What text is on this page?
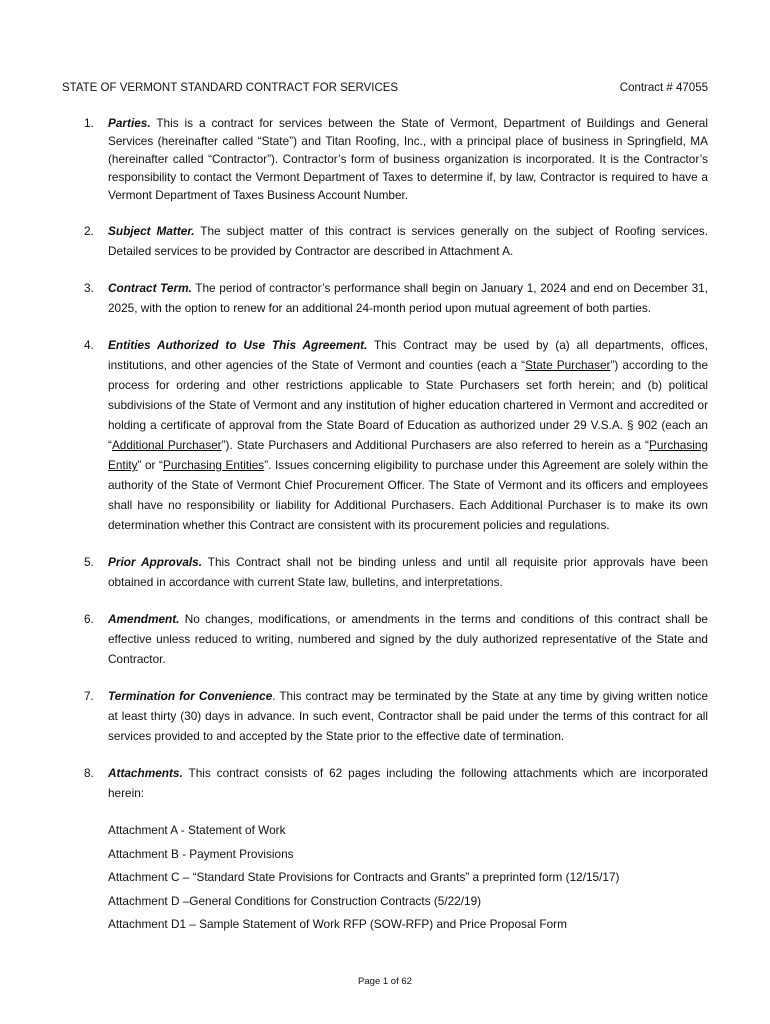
STATE OF VERMONT STANDARD CONTRACT FOR SERVICES	Contract # 47055
1. Parties. This is a contract for services between the State of Vermont, Department of Buildings and General Services (hereinafter called “State”) and Titan Roofing, Inc., with a principal place of business in Springfield, MA (hereinafter called “Contractor”). Contractor’s form of business organization is incorporated. It is the Contractor’s responsibility to contact the Vermont Department of Taxes to determine if, by law, Contractor is required to have a Vermont Department of Taxes Business Account Number.
2. Subject Matter. The subject matter of this contract is services generally on the subject of Roofing services. Detailed services to be provided by Contractor are described in Attachment A.
3. Contract Term. The period of contractor’s performance shall begin on January 1, 2024 and end on December 31, 2025, with the option to renew for an additional 24-month period upon mutual agreement of both parties.
4. Entities Authorized to Use This Agreement. This Contract may be used by (a) all departments, offices, institutions, and other agencies of the State of Vermont and counties (each a “State Purchaser”) according to the process for ordering and other restrictions applicable to State Purchasers set forth herein; and (b) political subdivisions of the State of Vermont and any institution of higher education chartered in Vermont and accredited or holding a certificate of approval from the State Board of Education as authorized under 29 V.S.A. § 902 (each an “Additional Purchaser”). State Purchasers and Additional Purchasers are also referred to herein as a “Purchasing Entity” or “Purchasing Entities”. Issues concerning eligibility to purchase under this Agreement are solely within the authority of the State of Vermont Chief Procurement Officer. The State of Vermont and its officers and employees shall have no responsibility or liability for Additional Purchasers. Each Additional Purchaser is to make its own determination whether this Contract are consistent with its procurement policies and regulations.
5. Prior Approvals. This Contract shall not be binding unless and until all requisite prior approvals have been obtained in accordance with current State law, bulletins, and interpretations.
6. Amendment. No changes, modifications, or amendments in the terms and conditions of this contract shall be effective unless reduced to writing, numbered and signed by the duly authorized representative of the State and Contractor.
7. Termination for Convenience. This contract may be terminated by the State at any time by giving written notice at least thirty (30) days in advance. In such event, Contractor shall be paid under the terms of this contract for all services provided to and accepted by the State prior to the effective date of termination.
8. Attachments. This contract consists of 62 pages including the following attachments which are incorporated herein:
Attachment A - Statement of Work
Attachment B - Payment Provisions
Attachment C – “Standard State Provisions for Contracts and Grants” a preprinted form (12/15/17)
Attachment D –General Conditions for Construction Contracts (5/22/19)
Attachment D1 – Sample Statement of Work RFP (SOW-RFP) and Price Proposal Form
Page 1 of 62
